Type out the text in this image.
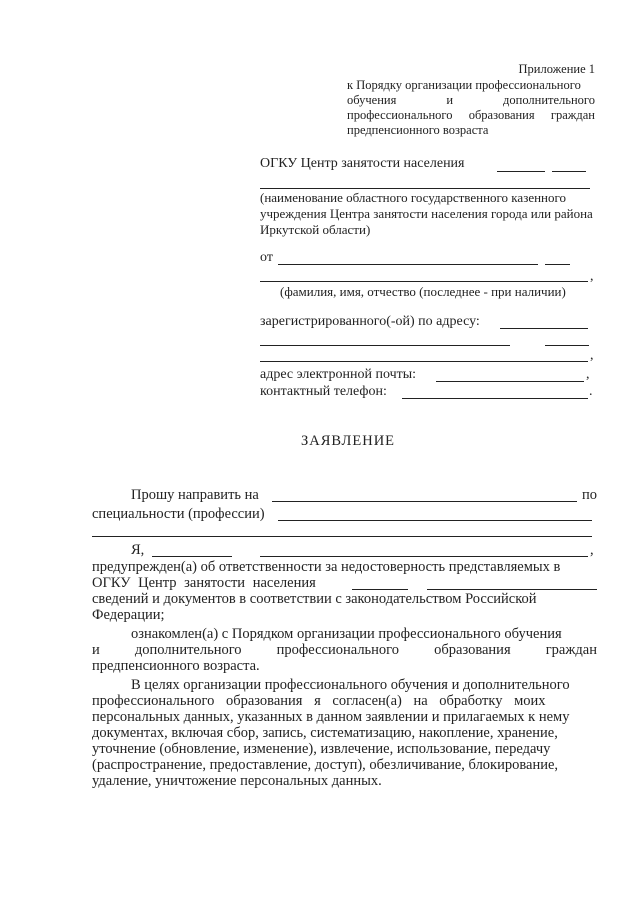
Приложение 1
к Порядку организации профессионального
обучения	и	дополнительного
профессионального образования граждан
предпенсионного возраста
ОГКУ Центр занятости населения
(наименование областного государственного казенного
учреждения Центра занятости населения города или района
Иркутской области)
от
,
(фамилия, имя, отчество (последнее - при наличии)
зарегистрированного(-ой) по адресу:
,
адрес электронной почты:	,
контактный телефон:	.
ЗАЯВЛЕНИЕ
Прошу направить на	по
специальности (профессии)
Я,	,
предупрежден(а) об ответственности за недостоверность представляемых в
ОГКУ Центр занятости населения
сведений и документов в соответствии с законодательством Российской
Федерации;
ознакомлен(а) с Порядком организации профессионального обучения
и дополнительного профессионального образования граждан
предпенсионного возраста.
В целях организации профессионального обучения и дополнительного
профессионального образования я согласен(а) на обработку моих
персональных данных, указанных в данном заявлении и прилагаемых к нему
документах, включая сбор, запись, систематизацию, накопление, хранение,
уточнение (обновление, изменение), извлечение, использование, передачу
(распространение, предоставление, доступ), обезличивание, блокирование,
удаление, уничтожение персональных данных.
